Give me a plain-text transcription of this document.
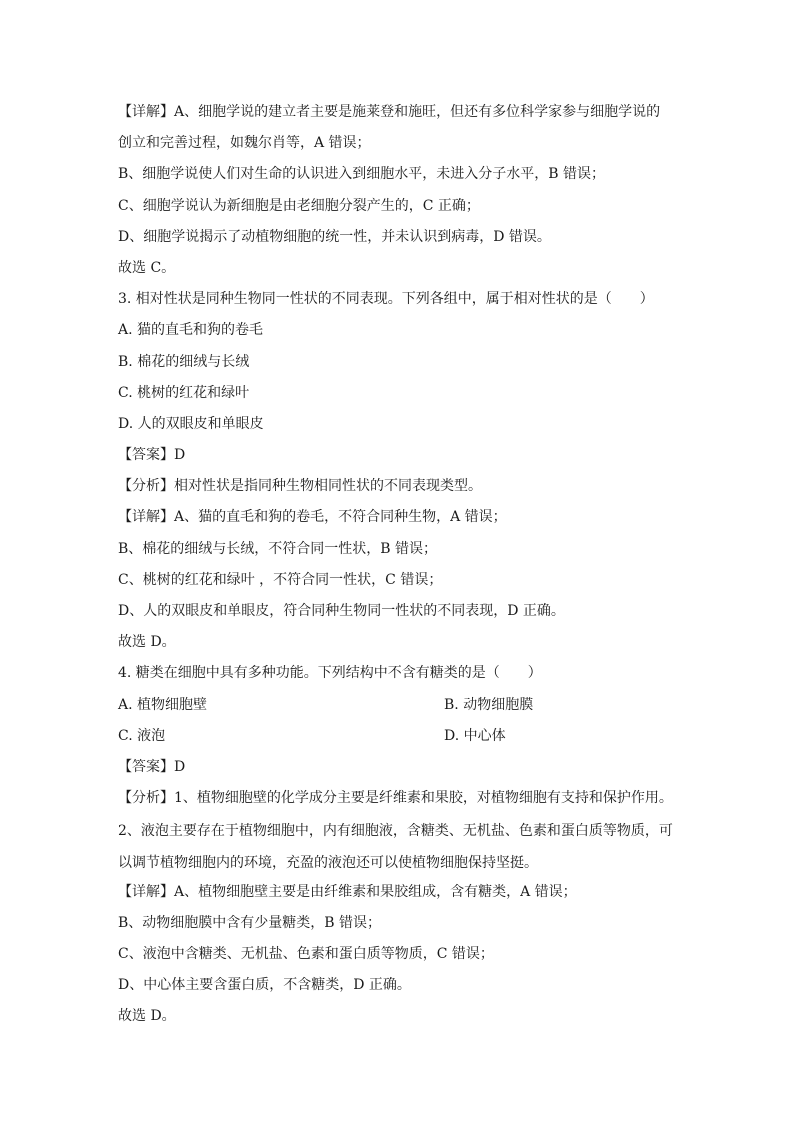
【详解】A、细胞学说的建立者主要是施莱登和施旺，但还有多位科学家参与细胞学说的
创立和完善过程，如魏尔肖等，A 错误；
B、细胞学说使人们对生命的认识进入到细胞水平，未进入分子水平，B 错误；
C、细胞学说认为新细胞是由老细胞分裂产生的，C 正确；
D、细胞学说揭示了动植物细胞的统一性，并未认识到病毒，D 错误。
故选 C。
3. 相对性状是同种生物同一性状的不同表现。下列各组中，属于相对性状的是（　　）
A. 猫的直毛和狗的卷毛
B. 棉花的细绒与长绒
C. 桃树的红花和绿叶
D. 人的双眼皮和单眼皮
【答案】D
【分析】相对性状是指同种生物相同性状的不同表现类型。
【详解】A、猫的直毛和狗的卷毛，不符合同种生物，A 错误；
B、棉花的细绒与长绒，不符合同一性状，B 错误；
C、桃树的红花和绿叶 ，不符合同一性状，C 错误；
D、人的双眼皮和单眼皮，符合同种生物同一性状的不同表现，D 正确。
故选 D。
4. 糖类在细胞中具有多种功能。下列结构中不含有糖类的是（　　）
A. 植物细胞壁	B. 动物细胞膜
C. 液泡	D. 中心体
【答案】D
【分析】1、植物细胞壁的化学成分主要是纤维素和果胶，对植物细胞有支持和保护作用。
2、液泡主要存在于植物细胞中，内有细胞液，含糖类、无机盐、色素和蛋白质等物质，可以调节植物细胞内的环境，充盈的液泡还可以使植物细胞保持坚挺。
【详解】A、植物细胞壁主要是由纤维素和果胶组成，含有糖类，A 错误；
B、动物细胞膜中含有少量糖类，B 错误；
C、液泡中含糖类、无机盐、色素和蛋白质等物质，C 错误；
D、中心体主要含蛋白质，不含糖类，D 正确。
故选 D。
